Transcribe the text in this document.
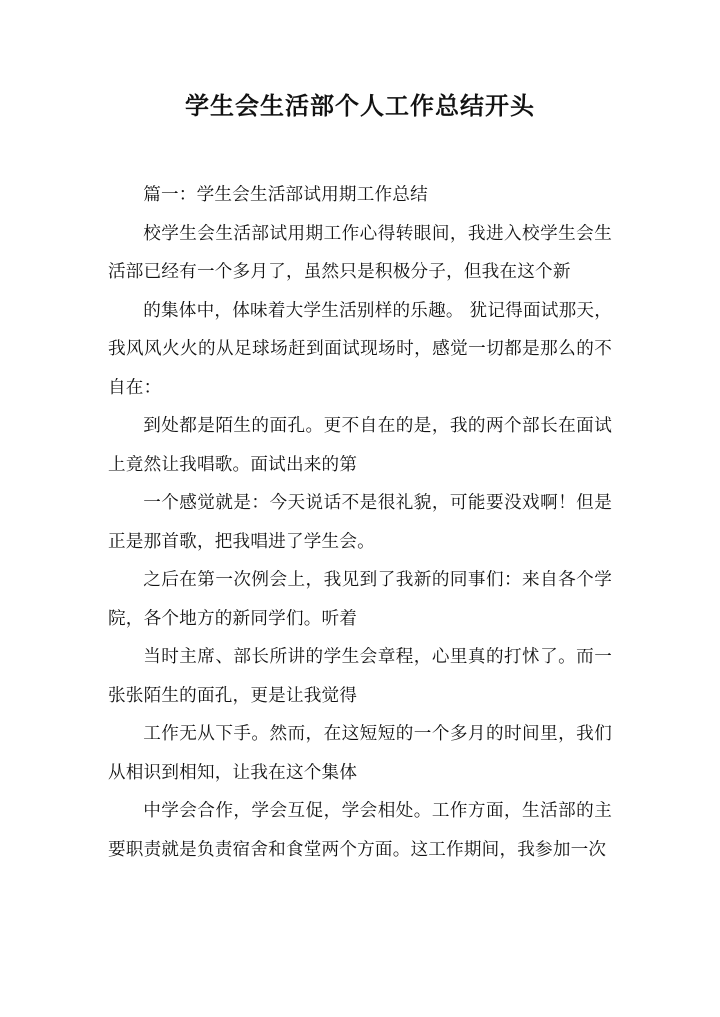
学生会生活部个人工作总结开头

篇一：学生会生活部试用期工作总结

校学生会生活部试用期工作心得转眼间，我进入校学生会生活部已经有一个多月了，虽然只是积极分子，但我在这个新

的集体中，体味着大学生活别样的乐趣。 犹记得面试那天，我风风火火的从足球场赶到面试现场时，感觉一切都是那么的不自在：

到处都是陌生的面孔。更不自在的是，我的两个部长在面试上竟然让我唱歌。面试出来的第

一个感觉就是：今天说话不是很礼貌，可能要没戏啊！但是正是那首歌，把我唱进了学生会。

之后在第一次例会上，我见到了我新的同事们：来自各个学院，各个地方的新同学们。听着

当时主席、部长所讲的学生会章程，心里真的打怵了。而一张张陌生的面孔，更是让我觉得

工作无从下手。然而，在这短短的一个多月的时间里，我们从相识到相知，让我在这个集体

中学会合作，学会互促，学会相处。工作方面，生活部的主要职责就是负责宿舍和食堂两个方面。这工作期间，我参加一次
